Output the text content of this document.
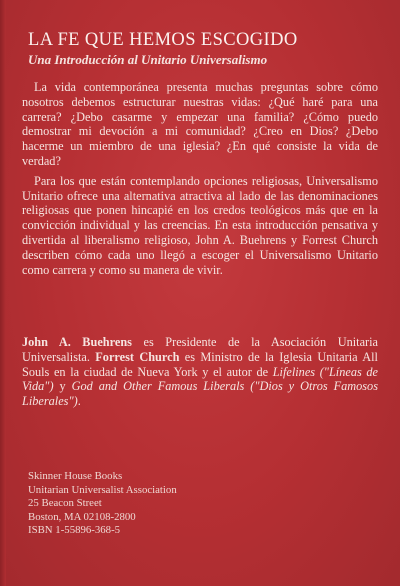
LA FE QUE HEMOS ESCOGIDO
Una Introducción al Unitario Universalismo

La vida contemporánea presenta muchas preguntas sobre cómo nosotros debemos estructurar nuestras vidas: ¿Qué haré para una carrera? ¿Debo casarme y empezar una familia? ¿Cómo puedo demostrar mi devoción a mi comunidad? ¿Creo en Dios? ¿Debo hacerme un miembro de una iglesia? ¿En qué consiste la vida de verdad?

Para los que están contemplando opciones religiosas, Universalismo Unitario ofrece una alternativa atractiva al lado de las denominaciones religiosas que ponen hincapié en los credos teológicos más que en la convicción individual y las creencias. En esta introducción pensativa y divertida al liberalismo religioso, John A. Buehrens y Forrest Church describen cómo cada uno llegó a escoger el Universalismo Unitario como carrera y como su manera de vivir.

John A. Buehrens es Presidente de la Asociación Unitaria Universalista. Forrest Church es Ministro de la Iglesia Unitaria All Souls en la ciudad de Nueva York y el autor de Lifelines ("Líneas de Vida") y God and Other Famous Liberals ("Dios y Otros Famosos Liberales").
Skinner House Books
Unitarian Universalist Association
25 Beacon Street
Boston, MA 02108-2800
ISBN 1-55896-368-5
